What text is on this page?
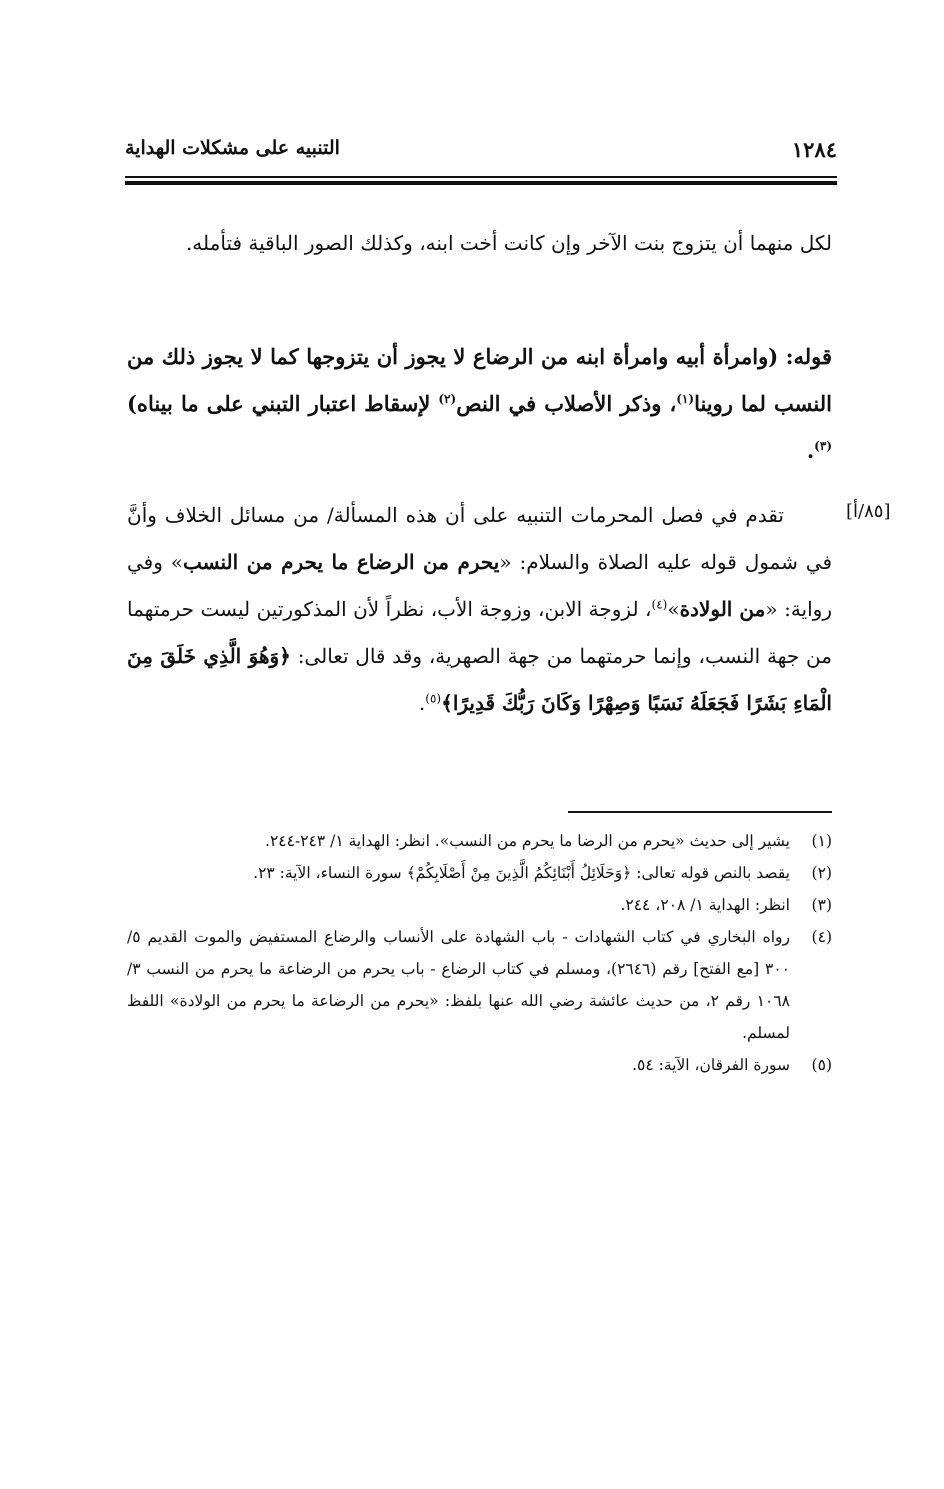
١٢٨٤
التنبيه على مشكلات الهداية
لكل منهما أن يتزوج بنت الآخر وإن كانت أخت ابنه، وكذلك الصور الباقية فتأمله.
قوله: (وامرأة أبيه وامرأة ابنه من الرضاع لا يجوز أن يتزوجها كما لا يجوز ذلك من النسب لما روينا$^{(١)}$، وذكر الأصلاب في النص$^{(٢)}$ لإسقاط اعتبار التبني على ما بيناه)$^{(٣)}$.
[٨٥/أ]
تقدم في فصل المحرمات التنبيه على أن هذه المسألة/ من مسائل الخلاف وأنَّ في شمول قوله عليه الصلاة والسلام: «يحرم من الرضاع ما يحرم من النسب» وفي رواية: «من الولادة»$^{(٤)}$، لزوجة الابن، وزوجة الأب، نظراً لأن المذكورتين ليست حرمتهما من جهة النسب، وإنما حرمتهما من جهة الصهرية، وقد قال تعالى: ﴿وَهُوَ الَّذِي خَلَقَ مِنَ الْمَاءِ بَشَرًا فَجَعَلَهُ نَسَبًا وَصِهْرًا وَكَانَ رَبُّكَ قَدِيرًا﴾$^{(٥)}$.

(١)
يشير إلى حديث «يحرم من الرضا ما يحرم من النسب». انظر: الهداية ١/ ٢٤٣-٢٤٤.

(٢)
يقصد بالنص قوله تعالى: ﴿وَحَلَائِلُ أَبْنَائِكُمُ الَّذِينَ مِنْ أَصْلَابِكُمْ﴾ سورة النساء، الآية: ٢٣.

(٣)
انظر: الهداية ١/ ٢٠٨، ٢٤٤.

(٤)
رواه البخاري في كتاب الشهادات - باب الشهادة على الأنساب والرضاع المستفيض والموت القديم ٥/ ٣٠٠ [مع الفتح] رقم (٢٦٤٦)، ومسلم في كتاب الرضاع - باب يحرم من الرضاعة ما يحرم من النسب ٣/ ١٠٦٨ رقم ٢، من حديث عائشة رضي الله عنها بلفظ: «يحرم من الرضاعة ما يحرم من الولادة» اللفظ لمسلم.

(٥)
سورة الفرقان، الآية: ٥٤.
